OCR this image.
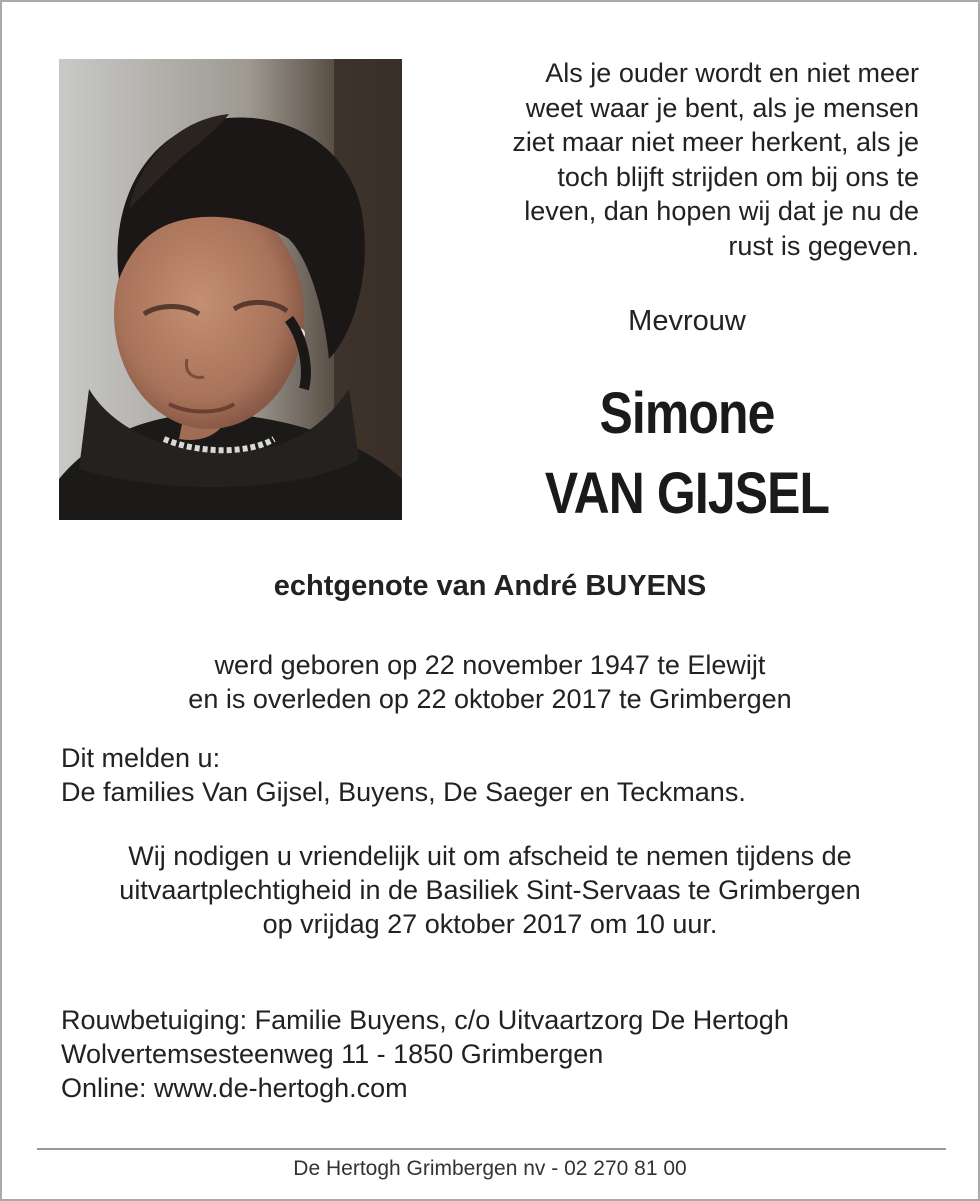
Als je ouder wordt en niet meer
weet waar je bent, als je mensen
ziet maar niet meer herkent, als je
toch blijft strijden om bij ons te
leven, dan hopen wij dat je nu de
rust is gegeven.
Mevrouw
Simone
VAN GIJSEL
echtgenote van André BUYENS
werd geboren op 22 november 1947 te Elewijt
en is overleden op 22 oktober 2017 te Grimbergen
Dit melden u:
De families Van Gijsel, Buyens, De Saeger en Teckmans.
Wij nodigen u vriendelijk uit om afscheid te nemen tijdens de
uitvaartplechtigheid in de Basiliek Sint-Servaas te Grimbergen
op vrijdag 27 oktober 2017 om 10 uur.
Rouwbetuiging: Familie Buyens, c/o Uitvaartzorg De Hertogh
Wolvertemsesteenweg 11 - 1850 Grimbergen
Online: www.de-hertogh.com
De Hertogh Grimbergen nv - 02 270 81 00
